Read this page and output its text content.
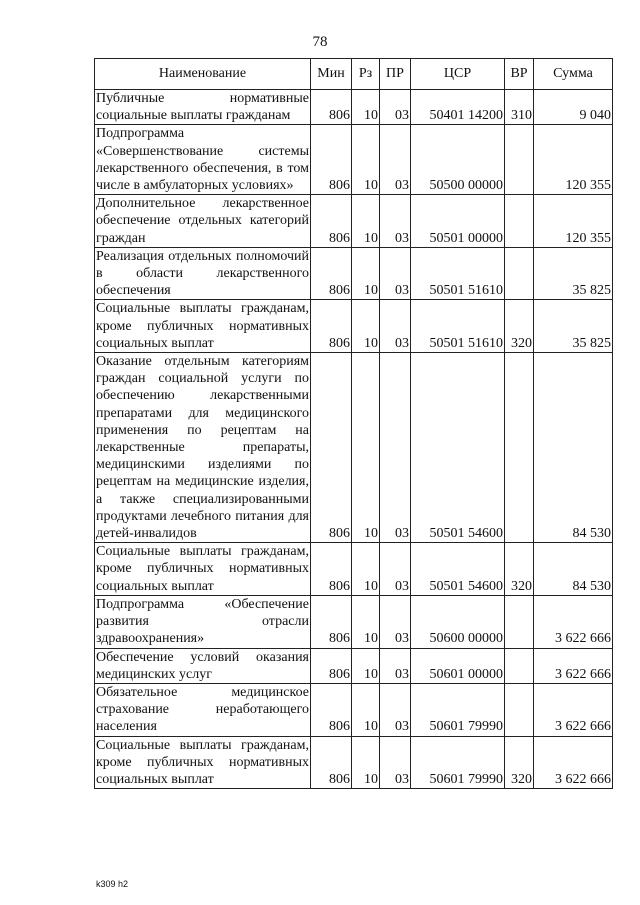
78
Наименование	Мин	Рз	ПР	ЦСР	ВР	Сумма
Публичные нормативные социальные выплаты гражданам	806	10	03	50401 14200	310	9 040
Подпрограмма «Совершенствование системы лекарственного обеспечения, в том числе в амбулаторных условиях»	806	10	03	50500 00000		120 355
Дополнительное лекарственное обеспечение отдельных категорий граждан	806	10	03	50501 00000		120 355
Реализация отдельных полномочий в области лекарственного обеспечения	806	10	03	50501 51610		35 825
Социальные выплаты гражданам, кроме публичных нормативных социальных выплат	806	10	03	50501 51610	320	35 825
Оказание отдельным категориям граждан социальной услуги по обеспечению лекарственными препаратами для медицинского применения по рецептам на лекарственные препараты, медицинскими изделиями по рецептам на медицинские изделия, а также специализированными продуктами лечебного питания для детей-инвалидов	806	10	03	50501 54600		84 530
Социальные выплаты гражданам, кроме публичных нормативных социальных выплат	806	10	03	50501 54600	320	84 530
Подпрограмма «Обеспечение развития отрасли здравоохранения»	806	10	03	50600 00000		3 622 666
Обеспечение условий оказания медицинских услуг	806	10	03	50601 00000		3 622 666
Обязательное медицинское страхование неработающего населения	806	10	03	50601 79990		3 622 666
Социальные выплаты гражданам, кроме публичных нормативных социальных выплат	806	10	03	50601 79990	320	3 622 666
k309 h2
